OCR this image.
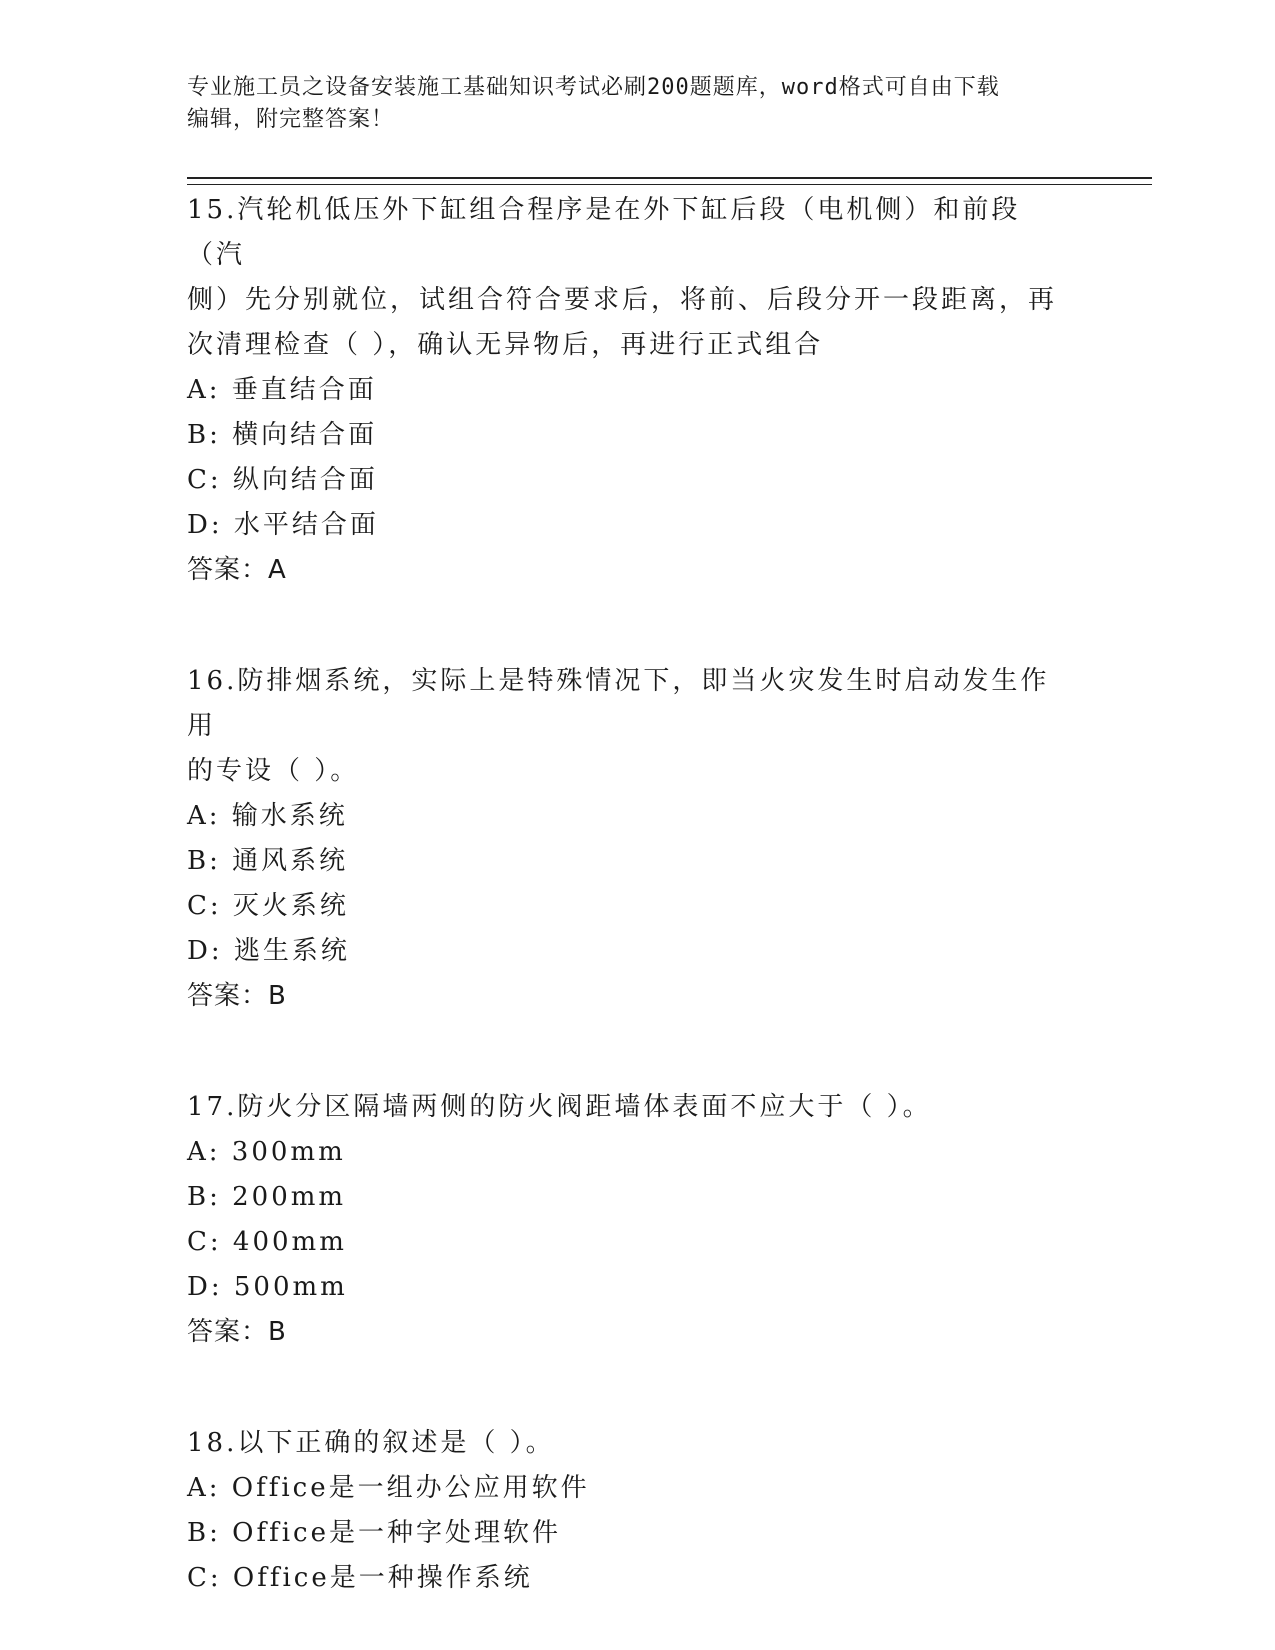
专业施工员之设备安装施工基础知识考试必刷200题题库，word格式可自由下载
编辑，附完整答案！

15.汽轮机低压外下缸组合程序是在外下缸后段（电机侧）和前段（汽

侧）先分别就位，试组合符合要求后，将前、后段分开一段距离，再

次清理检查（ ），确认无异物后，再进行正式组合

A: 垂直结合面

B: 横向结合面

C: 纵向结合面

D: 水平结合面

答案：A

16.防排烟系统，实际上是特殊情况下，即当火灾发生时启动发生作用

的专设（ ）。

A: 输水系统

B: 通风系统

C: 灭火系统

D: 逃生系统

答案：B

17.防火分区隔墙两侧的防火阀距墙体表面不应大于（ ）。

A: 300mm

B: 200mm

C: 400mm

D: 500mm

答案：B

18.以下正确的叙述是（ ）。

A: Office是一组办公应用软件

B: Office是一种字处理软件

C: Office是一种操作系统
